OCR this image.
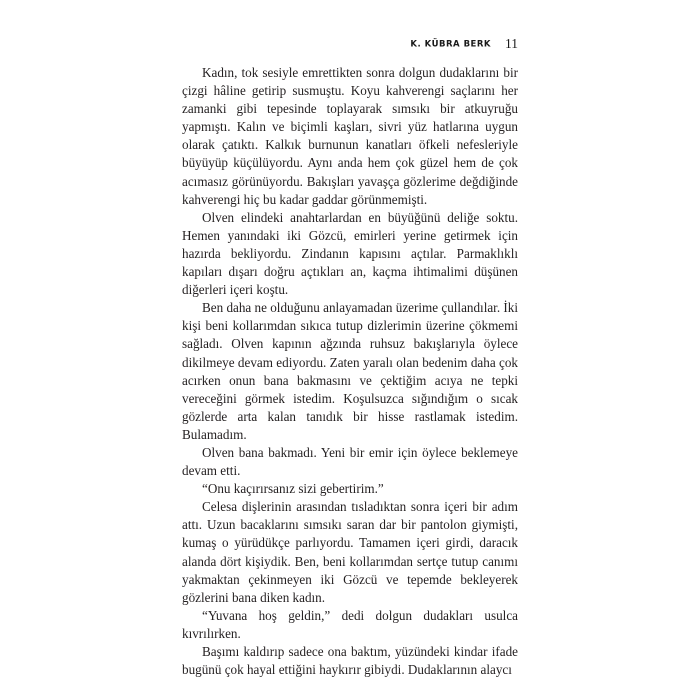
K. KÜBRA BERK 11

Kadın, tok sesiyle emrettikten sonra dolgun dudaklarını bir çizgi hâline getirip susmuştu. Koyu kahverengi saçlarını her zamanki gibi tepesinde toplayarak sımsıkı bir atkuyruğu yapmıştı. Kalın ve biçimli kaşları, sivri yüz hatlarına uygun olarak çatıktı. Kalkık burnunun kanatları öfkeli nefesleriyle büyüyüp küçülüyordu. Aynı anda hem çok güzel hem de çok acımasız görünüyordu. Bakışları yavaşça gözlerime değdiğinde kahverengi hiç bu kadar gaddar görünmemişti.

Olven elindeki anahtarlardan en büyüğünü deliğe soktu. Hemen yanındaki iki Gözcü, emirleri yerine getirmek için hazırda bekliyordu. Zindanın kapısını açtılar. Parmaklıklı kapıları dışarı doğru açtıkları an, kaçma ihtimalimi düşünen diğerleri içeri koştu.

Ben daha ne olduğunu anlayamadan üzerime çullandılar. İki kişi beni kollarımdan sıkıca tutup dizlerimin üzerine çökmemi sağladı. Olven kapının ağzında ruhsuz bakışlarıyla öylece dikilmeye devam ediyordu. Zaten yaralı olan bedenim daha çok acırken onun bana bakmasını ve çektiğim acıya ne tepki vereceğini görmek istedim. Koşulsuzca sığındığım o sıcak gözlerde arta kalan tanıdık bir hisse rastlamak istedim. Bulamadım.

Olven bana bakmadı. Yeni bir emir için öylece beklemeye devam etti.

“Onu kaçırırsanız sizi gebertirim.”

Celesa dişlerinin arasından tısladıktan sonra içeri bir adım attı. Uzun bacaklarını sımsıkı saran dar bir pantolon giymişti, kumaş o yürüdükçe parlıyordu. Tamamen içeri girdi, daracık alanda dört kişiydik. Ben, beni kollarımdan sertçe tutup canımı yakmaktan çekinmeyen iki Gözcü ve tepemde bekleyerek gözlerini bana diken kadın.

“Yuvana hoş geldin,” dedi dolgun dudakları usulca kıvrılırken.

Başımı kaldırıp sadece ona baktım, yüzündeki kindar ifade bugünü çok hayal ettiğini haykırır gibiydi. Dudaklarının alaycı
